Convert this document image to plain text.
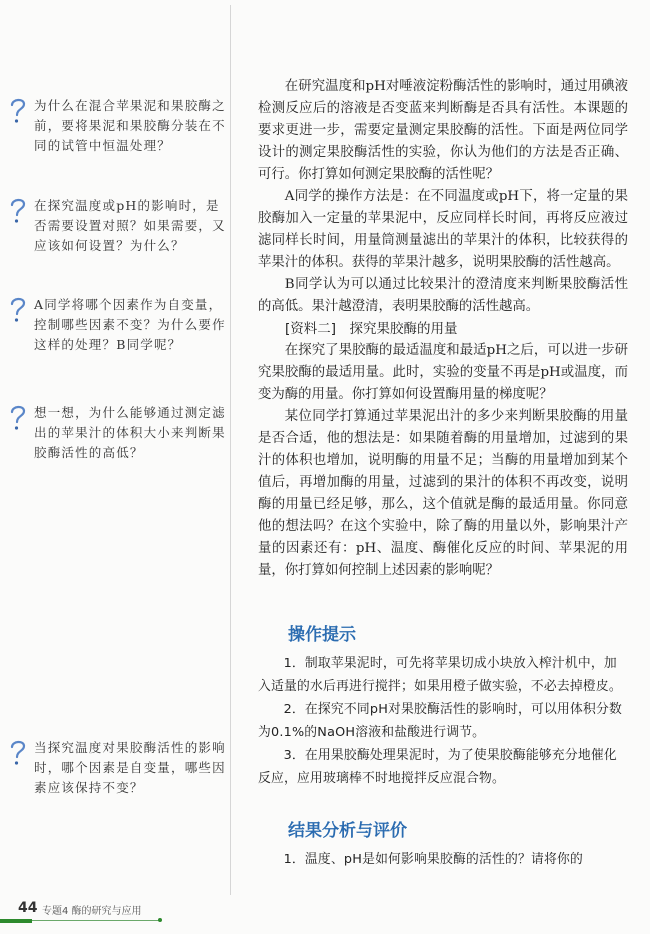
为什么在混合苹果泥和果胶酶之前，要将果泥和果胶酶分装在不同的试管中恒温处理？
在探究温度或pH的影响时，是否需要设置对照？如果需要，又应该如何设置？为什么？
A同学将哪个因素作为自变量，控制哪些因素不变？为什么要作这样的处理？B同学呢？
想一想，为什么能够通过测定滤出的苹果汁的体积大小来判断果胶酶活性的高低？
当探究温度对果胶酶活性的影响时，哪个因素是自变量，哪些因素应该保持不变？

在研究温度和pH对唾液淀粉酶活性的影响时，通过用碘液检测反应后的溶液是否变蓝来判断酶是否具有活性。本课题的要求更进一步，需要定量测定果胶酶的活性。下面是两位同学设计的测定果胶酶活性的实验，你认为他们的方法是否正确、可行。你打算如何测定果胶酶的活性呢？

A同学的操作方法是：在不同温度或pH下，将一定量的果胶酶加入一定量的苹果泥中，反应同样长时间，再将反应液过滤同样长时间，用量筒测量滤出的苹果汁的体积，比较获得的苹果汁的体积。获得的苹果汁越多，说明果胶酶的活性越高。

B同学认为可以通过比较果汁的澄清度来判断果胶酶活性的高低。果汁越澄清，表明果胶酶的活性越高。

[资料二]　探究果胶酶的用量

在探究了果胶酶的最适温度和最适pH之后，可以进一步研究果胶酶的最适用量。此时，实验的变量不再是pH或温度，而变为酶的用量。你打算如何设置酶用量的梯度呢？

某位同学打算通过苹果泥出汁的多少来判断果胶酶的用量是否合适，他的想法是：如果随着酶的用量增加，过滤到的果汁的体积也增加，说明酶的用量不足；当酶的用量增加到某个值后，再增加酶的用量，过滤到的果汁的体积不再改变，说明酶的用量已经足够，那么，这个值就是酶的最适用量。你同意他的想法吗？在这个实验中，除了酶的用量以外，影响果汁产量的因素还有：pH、温度、酶催化反应的时间、苹果泥的用量，你打算如何控制上述因素的影响呢？

操作提示

1．制取苹果泥时，可先将苹果切成小块放入榨汁机中，加入适量的水后再进行搅拌；如果用橙子做实验，不必去掉橙皮。

2．在探究不同pH对果胶酶活性的影响时，可以用体积分数为0.1%的NaOH溶液和盐酸进行调节。

3．在用果胶酶处理果泥时，为了使果胶酶能够充分地催化反应，应用玻璃棒不时地搅拌反应混合物。

结果分析与评价

1．温度、pH是如何影响果胶酶的活性的？请将你的

44 专题4 酶的研究与应用
